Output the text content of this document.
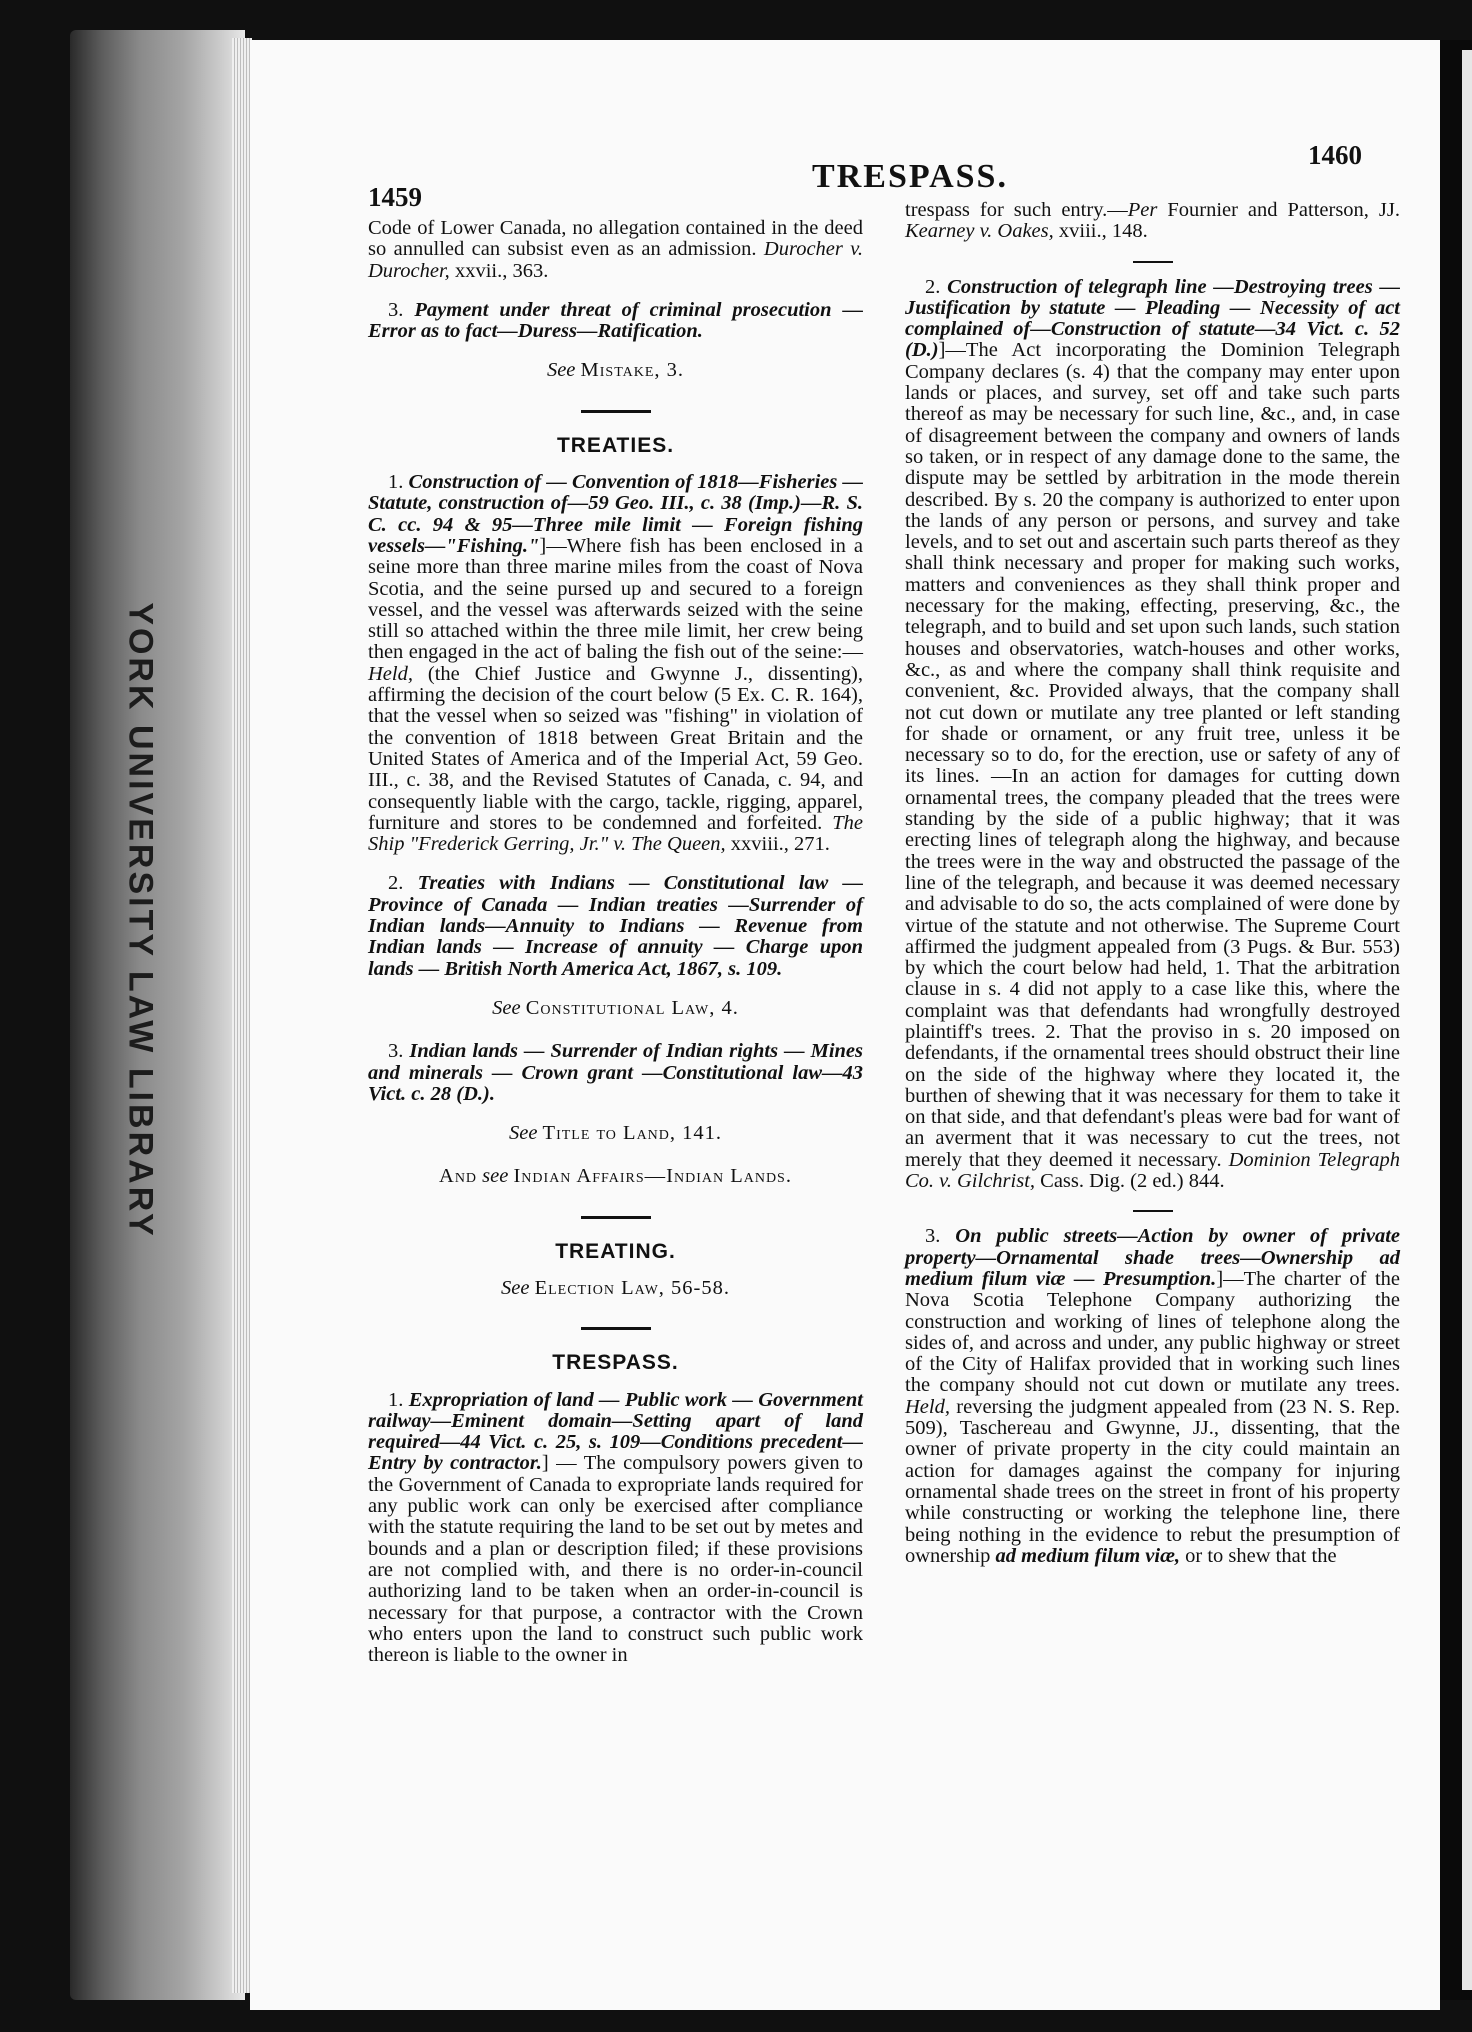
YORK UNIVERSITY LAW LIBRARY
1459
TRESPASS.
1460

Code of Lower Canada, no allegation contained in the deed so annulled can subsist even as an admission. Durocher v. Durocher, xxvii., 363.

3. Payment under threat of criminal prosecution — Error as to fact—Duress—Ratification.

See Mistake, 3.
TREATIES.

1. Construction of — Convention of 1818—Fisheries — Statute, construction of—59 Geo. III., c. 38 (Imp.)—R. S. C. cc. 94 & 95—Three mile limit — Foreign fishing vessels—"Fishing."]—Where fish has been enclosed in a seine more than three marine miles from the coast of Nova Scotia, and the seine pursed up and secured to a foreign vessel, and the vessel was afterwards seized with the seine still so attached within the three mile limit, her crew being then engaged in the act of baling the fish out of the seine:—Held, (the Chief Justice and Gwynne J., dissenting), affirming the decision of the court below (5 Ex. C. R. 164), that the vessel when so seized was "fishing" in violation of the convention of 1818 between Great Britain and the United States of America and of the Imperial Act, 59 Geo. III., c. 38, and the Revised Statutes of Canada, c. 94, and consequently liable with the cargo, tackle, rigging, apparel, furniture and stores to be condemned and forfeited. The Ship "Frederick Gerring, Jr." v. The Queen, xxviii., 271.

2. Treaties with Indians — Constitutional law — Province of Canada — Indian treaties —Surrender of Indian lands—Annuity to Indians — Revenue from Indian lands — Increase of annuity — Charge upon lands — British North America Act, 1867, s. 109.

See Constitutional Law, 4.

3. Indian lands — Surrender of Indian rights — Mines and minerals — Crown grant —Constitutional law—43 Vict. c. 28 (D.).

See Title to Land, 141.
And see Indian Affairs—Indian Lands.
TREATING.
See Election Law, 56-58.
TRESPASS.

1. Expropriation of land — Public work — Government railway—Eminent domain—Setting apart of land required—44 Vict. c. 25, s. 109—Conditions precedent—Entry by contractor.] — The compulsory powers given to the Government of Canada to expropriate lands required for any public work can only be exercised after compliance with the statute requiring the land to be set out by metes and bounds and a plan or description filed; if these provisions are not complied with, and there is no order-in-council authorizing land to be taken when an order-in-council is necessary for that purpose, a contractor with the Crown who enters upon the land to construct such public work thereon is liable to the owner in

trespass for such entry.—Per Fournier and Patterson, JJ. Kearney v. Oakes, xviii., 148.

2. Construction of telegraph line —Destroying trees — Justification by statute — Pleading — Necessity of act complained of—Construction of statute—34 Vict. c. 52 (D.)]—The Act incorporating the Dominion Telegraph Company declares (s. 4) that the company may enter upon lands or places, and survey, set off and take such parts thereof as may be necessary for such line, &c., and, in case of disagreement between the company and owners of lands so taken, or in respect of any damage done to the same, the dispute may be settled by arbitration in the mode therein described. By s. 20 the company is authorized to enter upon the lands of any person or persons, and survey and take levels, and to set out and ascertain such parts thereof as they shall think necessary and proper for making such works, matters and conveniences as they shall think proper and necessary for the making, effecting, preserving, &c., the telegraph, and to build and set upon such lands, such station houses and observatories, watch-houses and other works, &c., as and where the company shall think requisite and convenient, &c. Provided always, that the company shall not cut down or mutilate any tree planted or left standing for shade or ornament, or any fruit tree, unless it be necessary so to do, for the erection, use or safety of any of its lines. —In an action for damages for cutting down ornamental trees, the company pleaded that the trees were standing by the side of a public highway; that it was erecting lines of telegraph along the highway, and because the trees were in the way and obstructed the passage of the line of the telegraph, and because it was deemed necessary and advisable to do so, the acts complained of were done by virtue of the statute and not otherwise. The Supreme Court affirmed the judgment appealed from (3 Pugs. & Bur. 553) by which the court below had held, 1. That the arbitration clause in s. 4 did not apply to a case like this, where the complaint was that defendants had wrongfully destroyed plaintiff's trees. 2. That the proviso in s. 20 imposed on defendants, if the ornamental trees should obstruct their line on the side of the highway where they located it, the burthen of shewing that it was necessary for them to take it on that side, and that defendant's pleas were bad for want of an averment that it was necessary to cut the trees, not merely that they deemed it necessary. Dominion Telegraph Co. v. Gilchrist, Cass. Dig. (2 ed.) 844.

3. On public streets—Action by owner of private property—Ornamental shade trees—Ownership ad medium filum viæ — Presumption.]—The charter of the Nova Scotia Telephone Company authorizing the construction and working of lines of telephone along the sides of, and across and under, any public highway or street of the City of Halifax provided that in working such lines the company should not cut down or mutilate any trees. Held, reversing the judgment appealed from (23 N. S. Rep. 509), Taschereau and Gwynne, JJ., dissenting, that the owner of private property in the city could maintain an action for damages against the company for injuring ornamental shade trees on the street in front of his property while constructing or working the telephone line, there being nothing in the evidence to rebut the presumption of ownership ad medium filum viæ, or to shew that the
